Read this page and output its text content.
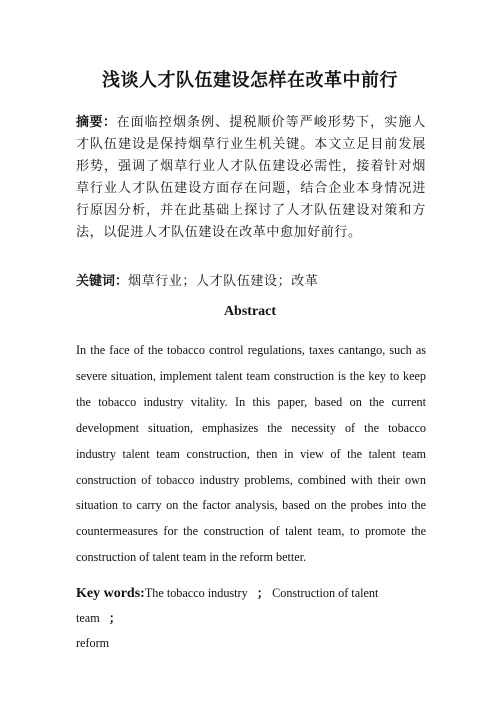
浅谈人才队伍建设怎样在改革中前行
摘要：在面临控烟条例、提税顺价等严峻形势下，实施人才队伍建设是保持烟草行业生机关键。本文立足目前发展形势，强调了烟草行业人才队伍建设必需性，接着针对烟草行业人才队伍建设方面存在问题，结合企业本身情况进行原因分析，并在此基础上探讨了人才队伍建设对策和方法，以促进人才队伍建设在改革中愈加好前行。
关键词：烟草行业；人才队伍建设；改革
Abstract
In the face of the tobacco control regulations, taxes cantango, such as severe situation, implement talent team construction is the key to keep the tobacco industry vitality. In this paper, based on the current development situation, emphasizes the necessity of the tobacco industry talent team construction, then in view of the talent team construction of tobacco industry problems, combined with their own situation to carry on the factor analysis, based on the probes into the countermeasures for the construction of talent team, to promote the construction of talent team in the reform better.
Key words:The tobacco industry ； Construction of talent team ；
reform
